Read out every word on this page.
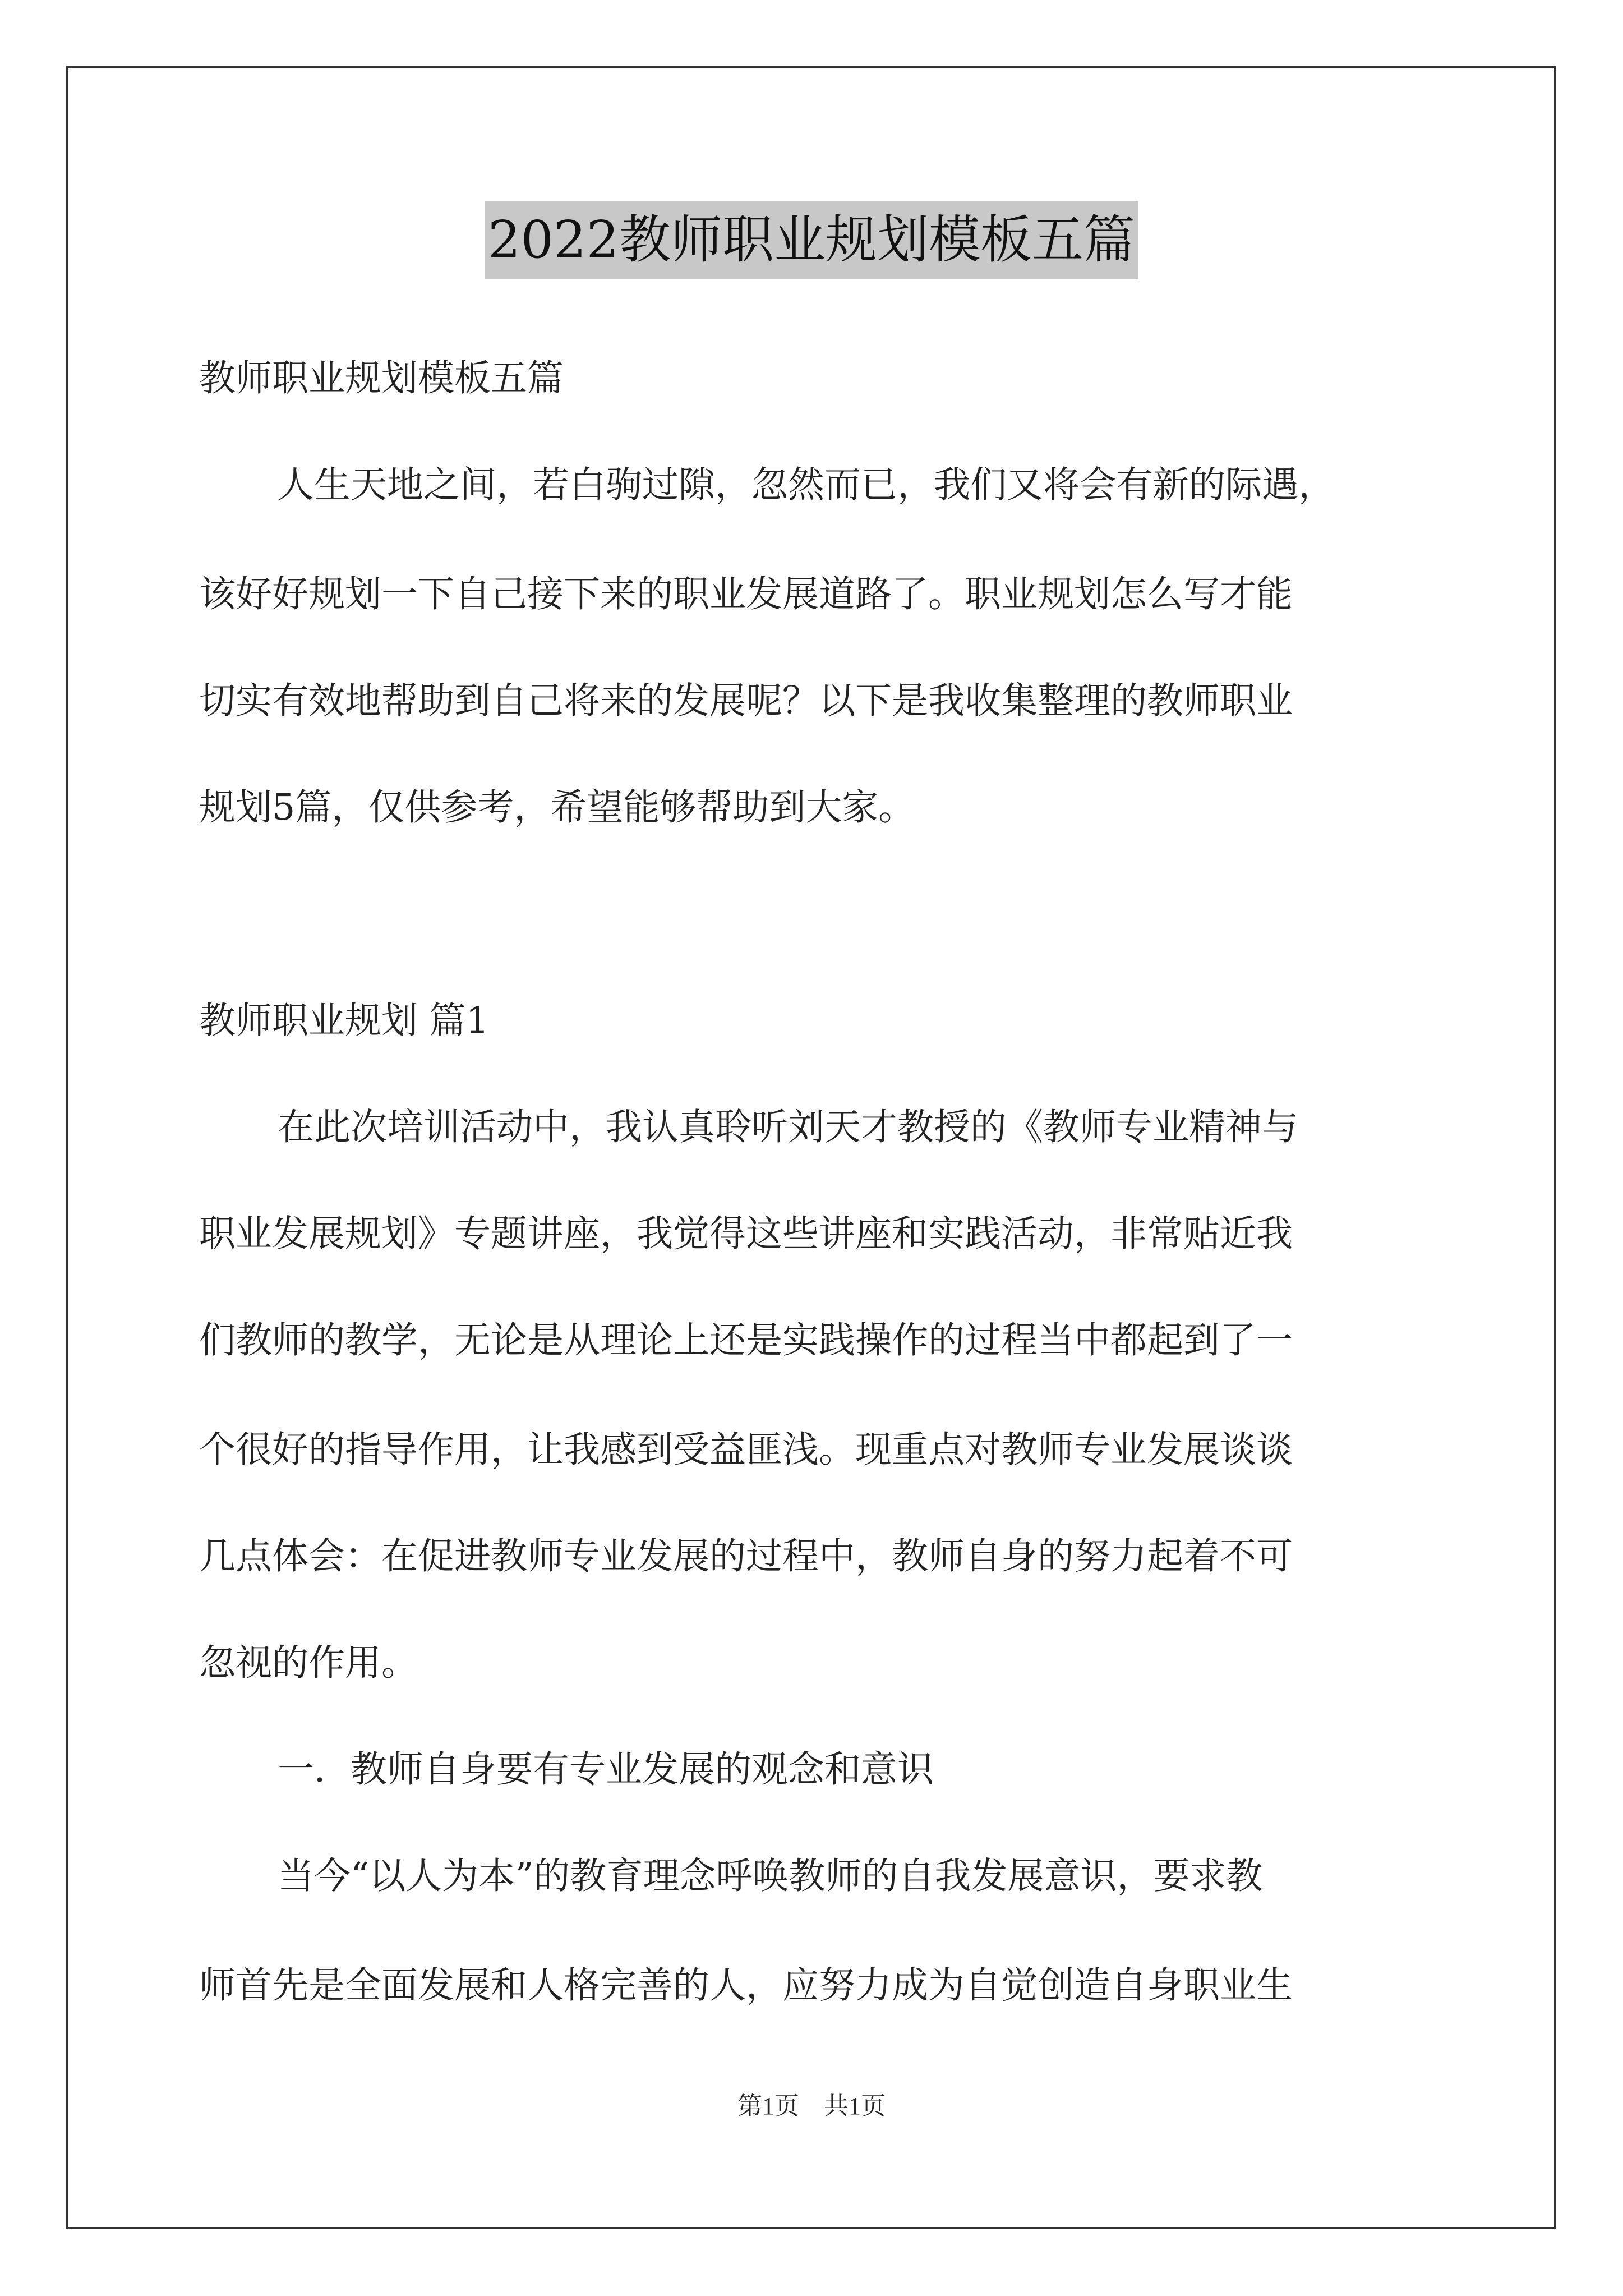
2022教师职业规划模板五篇
教师职业规划模板五篇
人生天地之间，若白驹过隙，忽然而已，我们又将会有新的际遇，
该好好规划一下自己接下来的职业发展道路了。职业规划怎么写才能
切实有效地帮助到自己将来的发展呢？以下是我收集整理的教师职业
规划5篇，仅供参考，希望能够帮助到大家。
教师职业规划 篇1
在此次培训活动中，我认真聆听刘天才教授的《教师专业精神与
职业发展规划》专题讲座，我觉得这些讲座和实践活动，非常贴近我
们教师的教学，无论是从理论上还是实践操作的过程当中都起到了一
个很好的指导作用，让我感到受益匪浅。现重点对教师专业发展谈谈
几点体会：在促进教师专业发展的过程中，教师自身的努力起着不可
忽视的作用。
一．教师自身要有专业发展的观念和意识
当今“以人为本”的教育理念呼唤教师的自我发展意识，要求教
师首先是全面发展和人格完善的人，应努力成为自觉创造自身职业生
第1页　共1页
